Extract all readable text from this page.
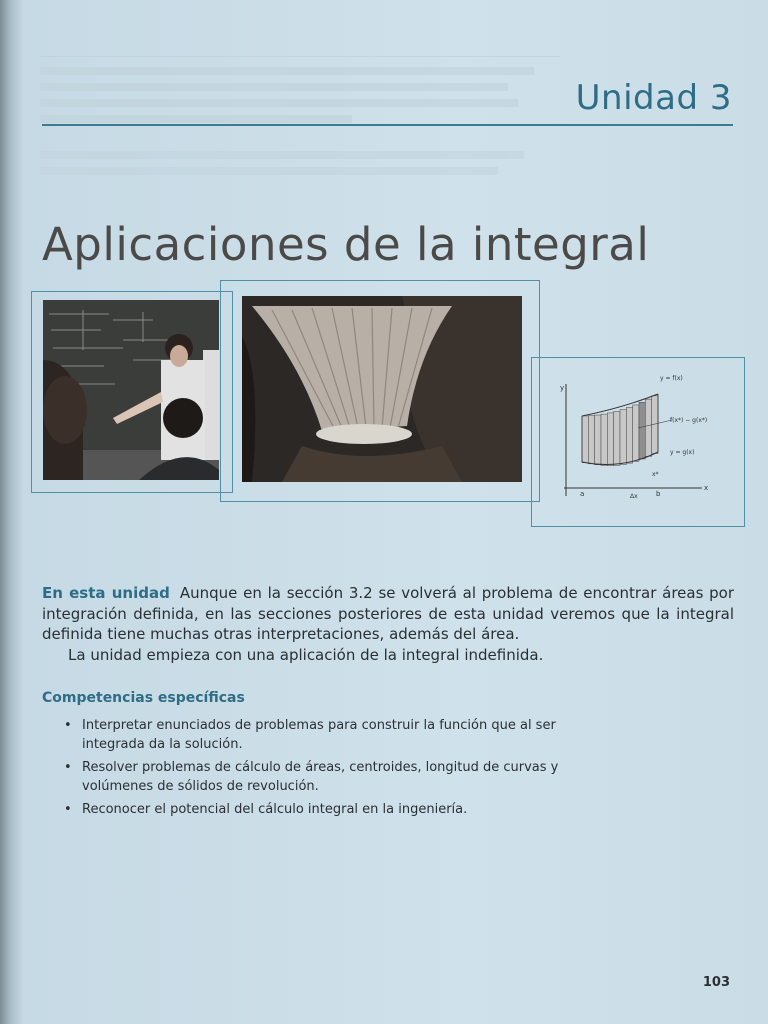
Unidad 3
Aplicaciones de la integral
y = f(x)
y = g(x)
f(x*) − g(x*)
y
x
a	b
Δx
x*

En esta unidad Aunque en la sección 3.2 se volverá al problema de encontrar áreas por integración definida, en las secciones posteriores de esta unidad veremos que la integral definida tiene muchas otras interpretaciones, además del área.

La unidad empieza con una aplicación de la integral indefinida.

Competencias específicas
• Interpretar enunciados de problemas para construir la función que al ser integrada da la solución.
• Resolver problemas de cálculo de áreas, centroides, longitud de curvas y volúmenes de sólidos de revolución.
• Reconocer el potencial del cálculo integral en la ingeniería.
103
